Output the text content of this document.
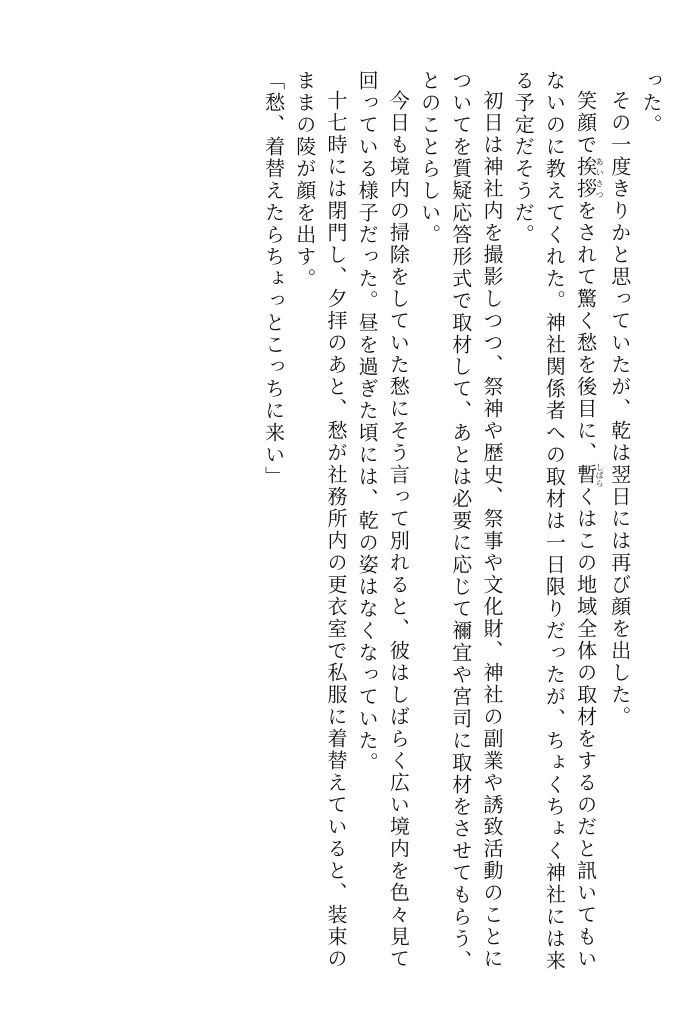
った。

その一度きりかと思っていたが、乾は翌日には再び顔を出した。

笑顔で挨拶あいさつをされて驚く愁を後目に、暫しばらくはこの地域全体の取材をするのだと訊いてもいないのに教えてくれた。神社関係者への取材は一日限りだったが、ちょくちょく神社には来る予定だそうだ。

初日は神社内を撮影しつつ、祭神や歴史、祭事や文化財、神社の副業や誘致活動のことについてを質疑応答形式で取材して、あとは必要に応じて禰宜や宮司に取材をさせてもらう、とのことらしい。

今日も境内の掃除をしていた愁にそう言って別れると、彼はしばらく広い境内を色々見て回っている様子だった。昼を過ぎた頃には、乾の姿はなくなっていた。

十七時には閉門し、夕拝のあと、愁が社務所内の更衣室で私服に着替えていると、装束のままの陵が顔を出す。

「愁、着替えたらちょっとこっちに来い」
